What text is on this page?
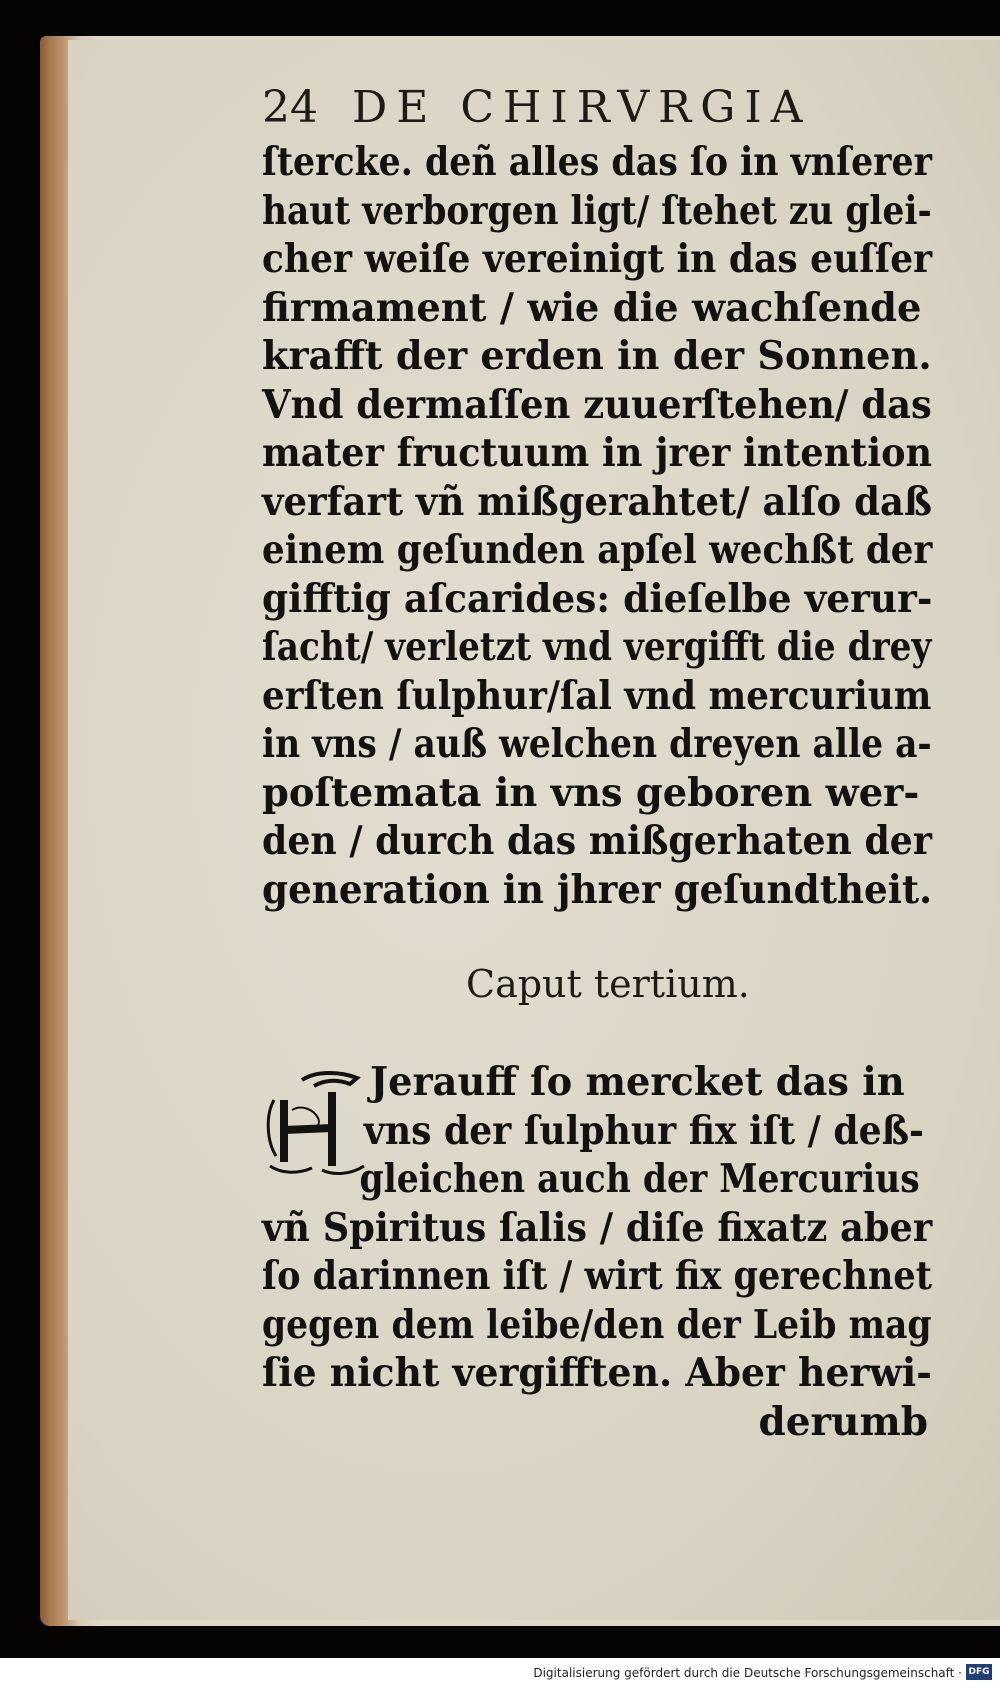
24 DE CHIRVRGIA
ſtercke. deñ alles das ſo in vnſerer
haut verborgen ligt/ ſtehet zu glei-
cher weiſe vereinigt in das euſſer
firmament / wie die wachſende
krafft der erden in der Sonnen.
Vnd dermaſſen zuuerſtehen/ das
mater fructuum in jrer intention
verfart vñ mißgerahtet/ alſo daß
einem geſunden apſel wechßt der
gifftig aſcarides: dieſelbe verur-
ſacht/ verletzt vnd vergifft die drey
erſten ſulphur/ſal vnd mercurium
in vns / auß welchen dreyen alle a-
poſtemata in vns geboren wer-
den / durch das mißgerhaten der
generation in jhrer geſundtheit.
Caput tertium.
Jerauff ſo mercket das in
vns der ſulphur fix iſt / deß-
gleichen auch der Mercurius
vñ Spiritus ſalis / diſe fixatz aber
ſo darinnen iſt / wirt fix gerechnet
gegen dem leibe/den der Leib mag
ſie nicht vergifften. Aber herwi-
derumb
Digitalisierung gefördert durch die Deutsche Forschungsgemeinschaft · DFG
